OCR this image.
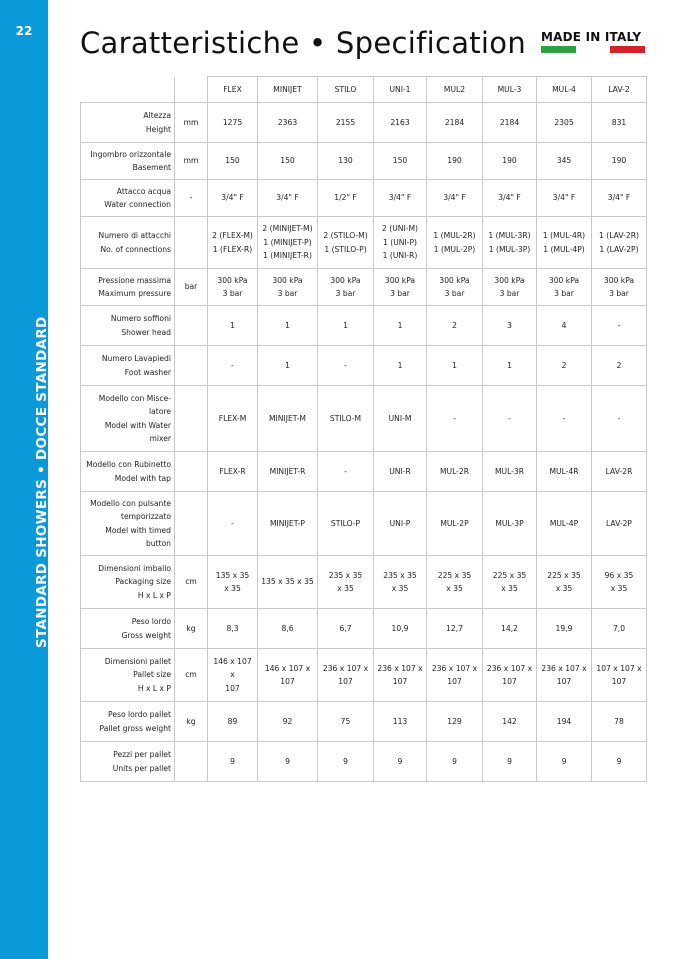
22
STANDARD SHOWERS • DOCCE STANDARD
Caratteristiche • Specification MADE IN ITALY
		FLEX	MINIJET	STILO	UNI-1	MUL2	MUL-3	MUL-4	LAV-2
Altezza
Height	mm	1275	2363	2155	2163	2184	2184	2305	831
Ingombro orizzontale
Basement	mm	150	150	130	150	190	190	345	190
Attacco acqua
Water connection	-	3/4" F	3/4" F	1/2" F	3/4" F	3/4" F	3/4" F	3/4" F	3/4" F
Numero di attacchi
No. of connections		2 (FLEX-M)
1 (FLEX-R)	2 (MINIJET-M)
1 (MINIJET-P)
1 (MINIJET-R)	2 (STILO-M)
1 (STILO-P)	2 (UNI-M)
1 (UNI-P)
1 (UNI-R)	1 (MUL-2R)
1 (MUL-2P)	1 (MUL-3R)
1 (MUL-3P)	1 (MUL-4R)
1 (MUL-4P)	1 (LAV-2R)
1 (LAV-2P)
Pressione massima
Maximum pressure	bar	300 kPa
3 bar	300 kPa
3 bar	300 kPa
3 bar	300 kPa
3 bar	300 kPa
3 bar	300 kPa
3 bar	300 kPa
3 bar	300 kPa
3 bar
Numero soffioni
Shower head		1	1	1	1	2	3	4	-
Numero Lavapiedi
Foot washer		-	1	-	1	1	1	2	2
Modello con Misce-
latore
Model with Water
mixer		FLEX-M	MINIJET-M	STILO-M	UNI-M	-	-	-	-
Modello con Rubinetto
Model with tap		FLEX-R	MINIJET-R	-	UNI-R	MUL-2R	MUL-3R	MUL-4R	LAV-2R
Modello con pulsante
temporizzato
Model with timed
button		-	MINIJET-P	STILO-P	UNI-P	MUL-2P	MUL-3P	MUL-4P	LAV-2P
Dimensioni imballo
Packaging size
H x L x P	cm	135 x 35
x 35	135 x 35 x 35	235 x 35
x 35	235 x 35
x 35	225 x 35
x 35	225 x 35
x 35	225 x 35
x 35	96 x 35
x 35
Peso lordo
Gross weight	kg	8,3	8,6	6,7	10,9	12,7	14,2	19,9	7,0
Dimensioni pallet
Pallet size
H x L x P	cm	146 x 107 x
107	146 x 107 x
107	236 x 107 x
107	236 x 107 x
107	236 x 107 x
107	236 x 107 x
107	236 x 107 x
107	107 x 107 x
107
Peso lordo pallet
Pallet gross weight	kg	89	92	75	113	129	142	194	78
Pezzi per pallet
Units per pallet		9	9	9	9	9	9	9	9
